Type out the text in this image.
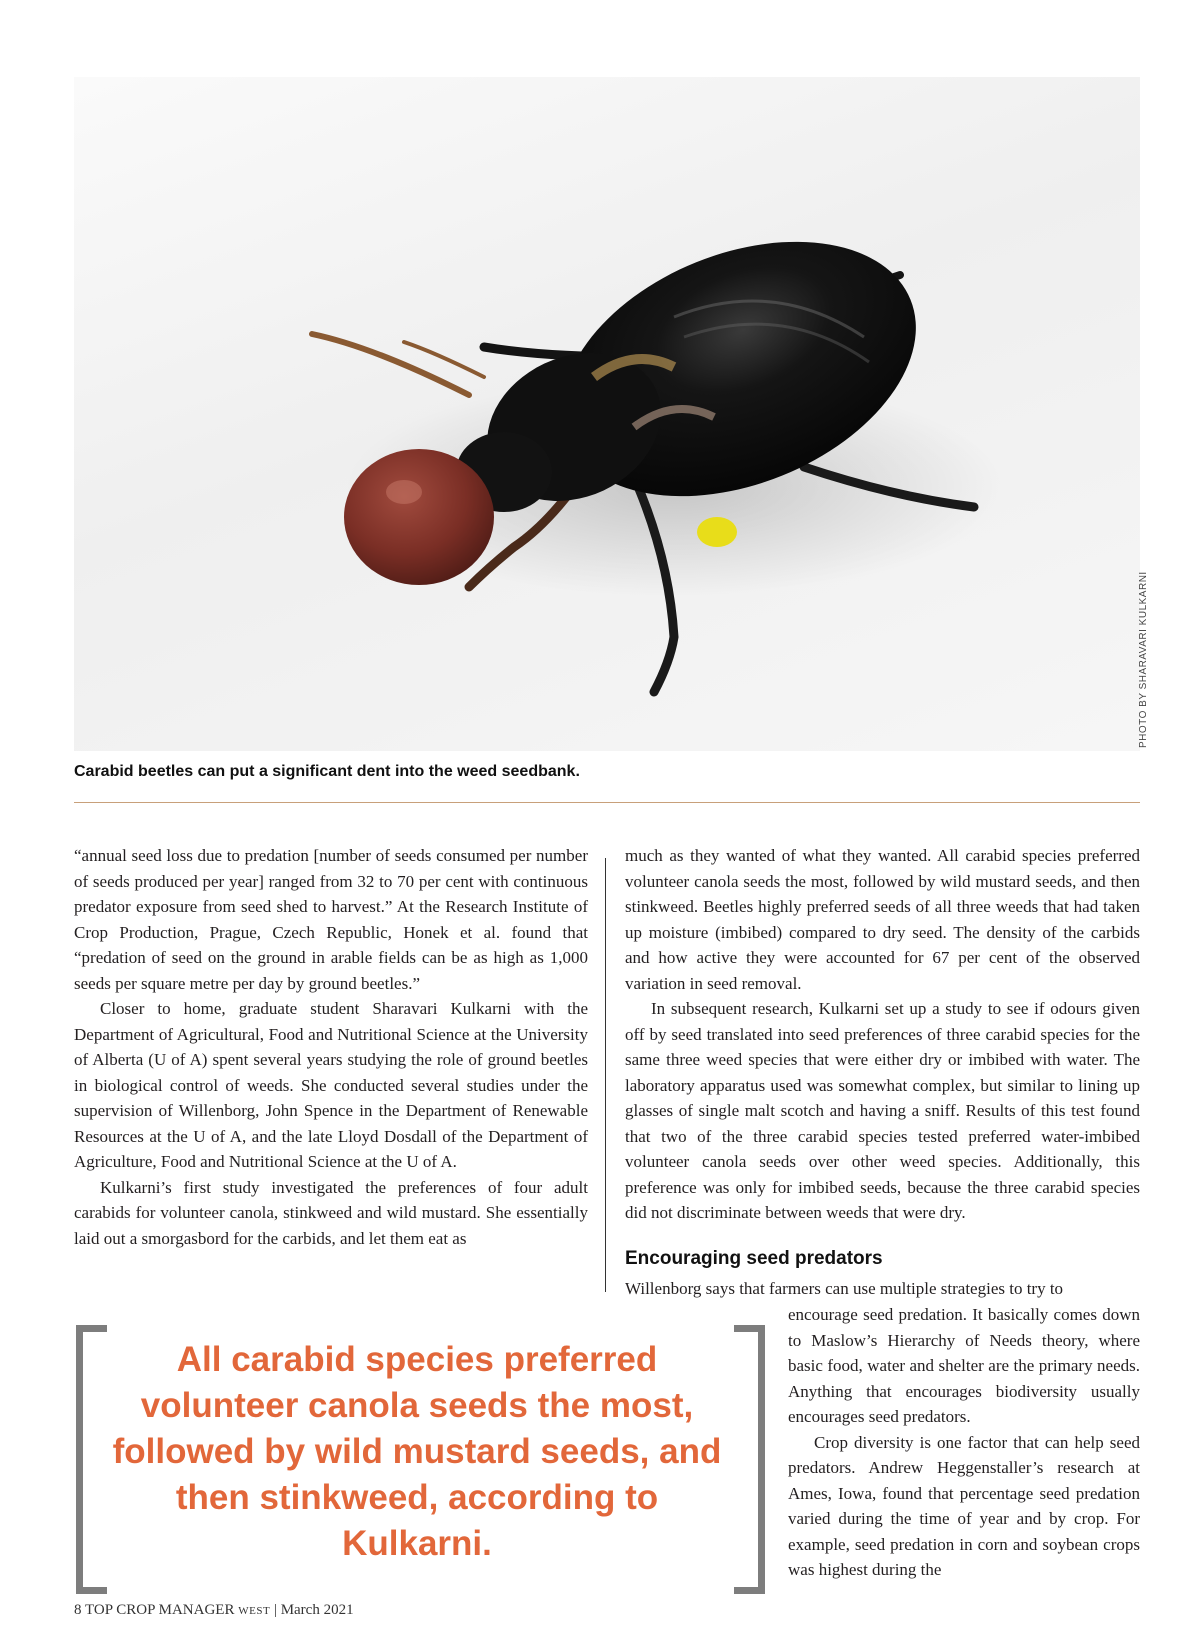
PHOTO BY SHARAVARI KULKARNI
Carabid beetles can put a significant dent into the weed seedbank.

“annual seed loss due to predation [number of seeds consumed per number of seeds produced per year] ranged from 32 to 70 per cent with continuous predator exposure from seed shed to harvest.” At the Research Institute of Crop Production, Prague, Czech Republic, Honek et al. found that “predation of seed on the ground in arable fields can be as high as 1,000 seeds per square metre per day by ground beetles.”

Closer to home, graduate student Sharavari Kulkarni with the Department of Agricultural, Food and Nutritional Science at the University of Alberta (U of A) spent several years studying the role of ground beetles in biological control of weeds. She conducted several studies under the supervision of Willenborg, John Spence in the Department of Renewable Resources at the U of A, and the late Lloyd Dosdall of the Department of Agriculture, Food and Nutritional Science at the U of A.

Kulkarni’s first study investigated the preferences of four adult carabids for volunteer canola, stinkweed and wild mustard. She essentially laid out a smorgasbord for the carbids, and let them eat as

much as they wanted of what they wanted. All carabid species preferred volunteer canola seeds the most, followed by wild mustard seeds, and then stinkweed. Beetles highly preferred seeds of all three weeds that had taken up moisture (imbibed) compared to dry seed. The density of the carbids and how active they were accounted for 67 per cent of the observed variation in seed removal.

In subsequent research, Kulkarni set up a study to see if odours given off by seed translated into seed preferences of three carabid species for the same three weed species that were either dry or imbibed with water. The laboratory apparatus used was somewhat complex, but similar to lining up glasses of single malt scotch and having a sniff. Results of this test found that two of the three carabid species tested preferred water-imbibed volunteer canola seeds over other weed species. Additionally, this preference was only for imbibed seeds, because the three carabid species did not discriminate between weeds that were dry.

Encouraging seed predators

Willenborg says that farmers can use multiple strategies to try to

encourage seed predation. It basically comes down to Maslow’s Hierarchy of Needs theory, where basic food, water and shelter are the primary needs. Anything that encourages biodiversity usually encourages seed predators.

Crop diversity is one factor that can help seed predators. Andrew Heggenstaller’s research at Ames, Iowa, found that percentage seed predation varied during the time of year and by crop. For example, seed predation in corn and soybean crops was highest during the

All carabid species preferred volunteer canola seeds the most, followed by wild mustard seeds, and then stinkweed, according to Kulkarni.
8 TOP CROP MANAGER WEST | March 2021
